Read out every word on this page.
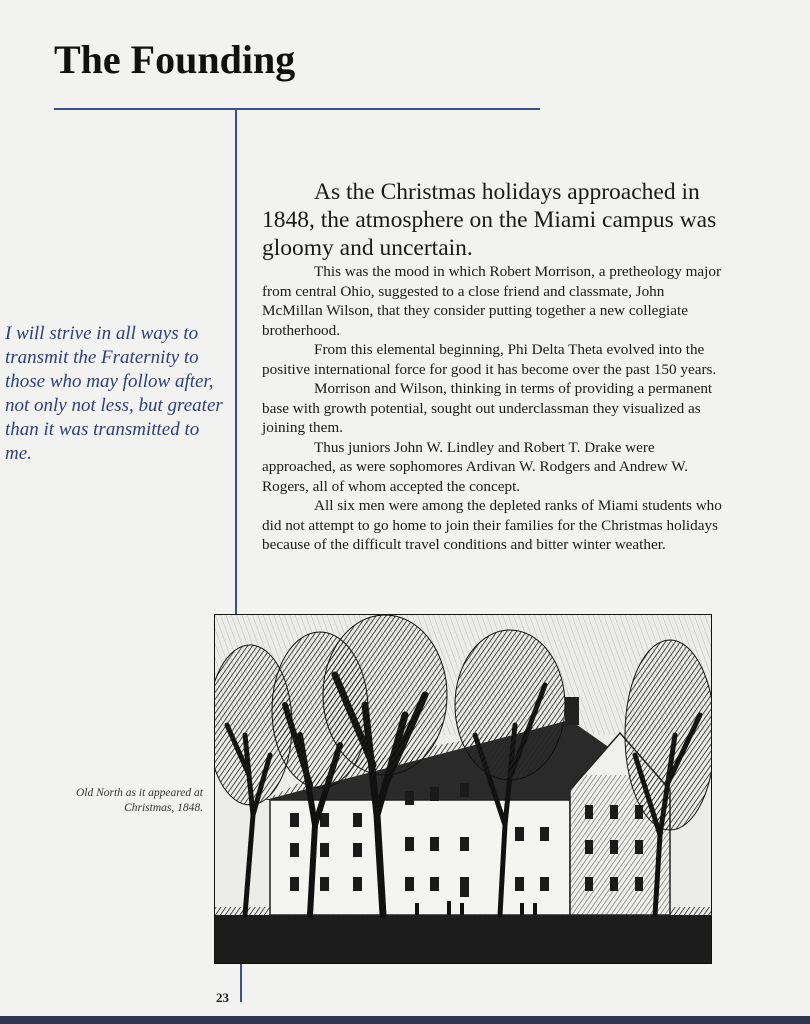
The Founding
I will strive in all ways to transmit the Fraternity to those who may follow after, not only not less, but greater than it was transmitted to me.

As the Christmas holidays approached in 1848, the atmosphere on the Miami campus was gloomy and uncertain.

This was the mood in which Robert Morrison, a pretheology major from central Ohio, suggested to a close friend and classmate, John McMillan Wilson, that they consider putting together a new collegiate brotherhood.

From this elemental beginning, Phi Delta Theta evolved into the positive international force for good it has become over the past 150 years.

Morrison and Wilson, thinking in terms of providing a permanent base with growth potential, sought out underclassman they visualized as joining them.

Thus juniors John W. Lindley and Robert T. Drake were approached, as were sophomores Ardivan W. Rodgers and Andrew W. Rogers, all of whom accepted the concept.

All six men were among the depleted ranks of Miami students who did not attempt to go home to join their families for the Christmas holidays because of the difficult travel conditions and bitter winter weather.

Old North as it appeared at Christmas, 1848.
23
